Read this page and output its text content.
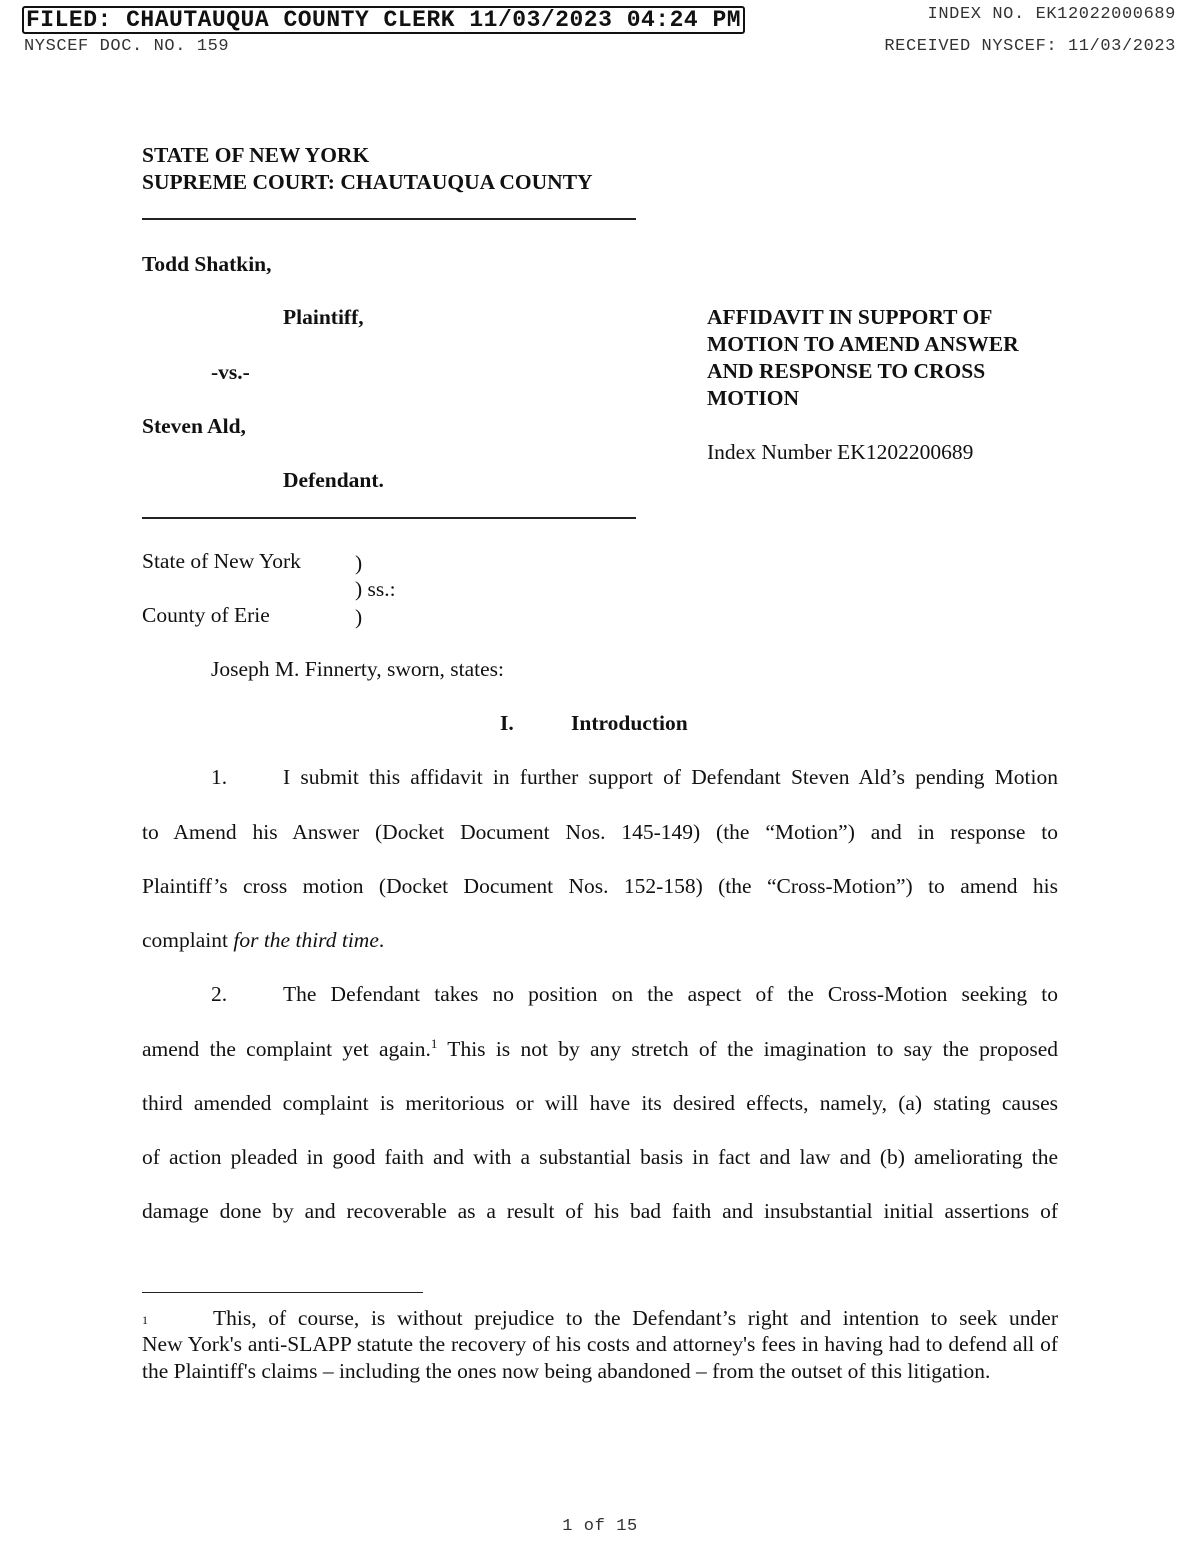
FILED: CHAUTAUQUA COUNTY CLERK 11/03/2023 04:24 PM	INDEX NO. EK12022000689
NYSCEF DOC. NO. 159	RECEIVED NYSCEF: 11/03/2023
STATE OF NEW YORK
SUPREME COURT: CHAUTAUQUA COUNTY
Todd Shatkin,
Plaintiff,
-vs.-
Steven Ald,
Defendant.
AFFIDAVIT IN SUPPORT OF
MOTION TO AMEND ANSWER
AND RESPONSE TO CROSS
MOTION
Index Number EK1202200689
State of New York	)
) ss.:
County of Erie	)
Joseph M. Finnerty, sworn, states:
I.	Introduction
1.	I submit this affidavit in further support of Defendant Steven Ald’s pending Motion
to Amend his Answer (Docket Document Nos. 145-149) (the “Motion”) and in response to
Plaintiff’s cross motion (Docket Document Nos. 152-158) (the “Cross-Motion”) to amend his
complaint for the third time.
2.	The Defendant takes no position on the aspect of the Cross-Motion seeking to
amend the complaint yet again.$^1$ This is not by any stretch of the imagination to say the proposed
third amended complaint is meritorious or will have its desired effects, namely, (a) stating causes
of action pleaded in good faith and with a substantial basis in fact and law and (b) ameliorating the
damage done by and recoverable as a result of his bad faith and insubstantial initial assertions of
1	This, of course, is without prejudice to the Defendant’s right and intention to seek under
New York's anti-SLAPP statute the recovery of his costs and attorney's fees in having had to defend all of the Plaintiff's claims – including the ones now being abandoned – from the outset of this litigation.
1 of 15
